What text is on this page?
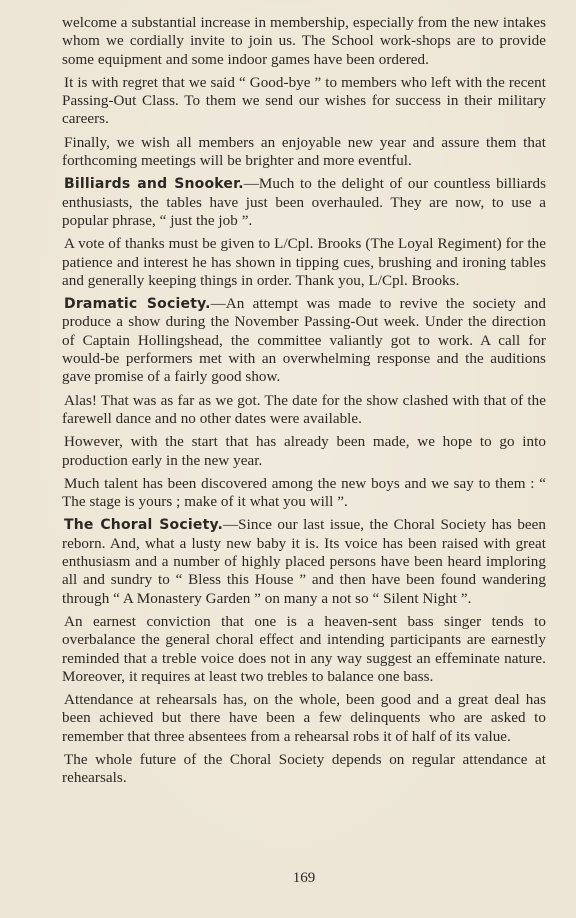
welcome a substantial increase in membership, especially from the new intakes whom we cordially invite to join us. The School work-shops are to provide some equipment and some indoor games have been ordered.

It is with regret that we said “ Good-bye ” to members who left with the recent Passing-Out Class. To them we send our wishes for success in their military careers.

Finally, we wish all members an enjoyable new year and assure them that forthcoming meetings will be brighter and more eventful.

Billiards and Snooker.—Much to the delight of our countless billiards enthusiasts, the tables have just been overhauled. They are now, to use a popular phrase, “ just the job ”.

A vote of thanks must be given to L/Cpl. Brooks (The Loyal Regiment) for the patience and interest he has shown in tipping cues, brushing and ironing tables and generally keeping things in order. Thank you, L/Cpl. Brooks.

Dramatic Society.—An attempt was made to revive the society and produce a show during the November Passing-Out week. Under the direction of Captain Hollingshead, the committee valiantly got to work. A call for would-be performers met with an overwhelming response and the auditions gave promise of a fairly good show.

Alas! That was as far as we got. The date for the show clashed with that of the farewell dance and no other dates were available.

However, with the start that has already been made, we hope to go into production early in the new year.

Much talent has been discovered among the new boys and we say to them : “ The stage is yours ; make of it what you will ”.

The Choral Society.—Since our last issue, the Choral Society has been reborn. And, what a lusty new baby it is. Its voice has been raised with great enthusiasm and a number of highly placed persons have been heard imploring all and sundry to “ Bless this House ” and then have been found wandering through “ A Monastery Garden ” on many a not so “ Silent Night ”.

An earnest conviction that one is a heaven-sent bass singer tends to overbalance the general choral effect and intending participants are earnestly reminded that a treble voice does not in any way suggest an effeminate nature. Moreover, it requires at least two trebles to balance one bass.

Attendance at rehearsals has, on the whole, been good and a great deal has been achieved but there have been a few delinquents who are asked to remember that three absentees from a rehearsal robs it of half of its value.

The whole future of the Choral Society depends on regular attendance at rehearsals.

169
